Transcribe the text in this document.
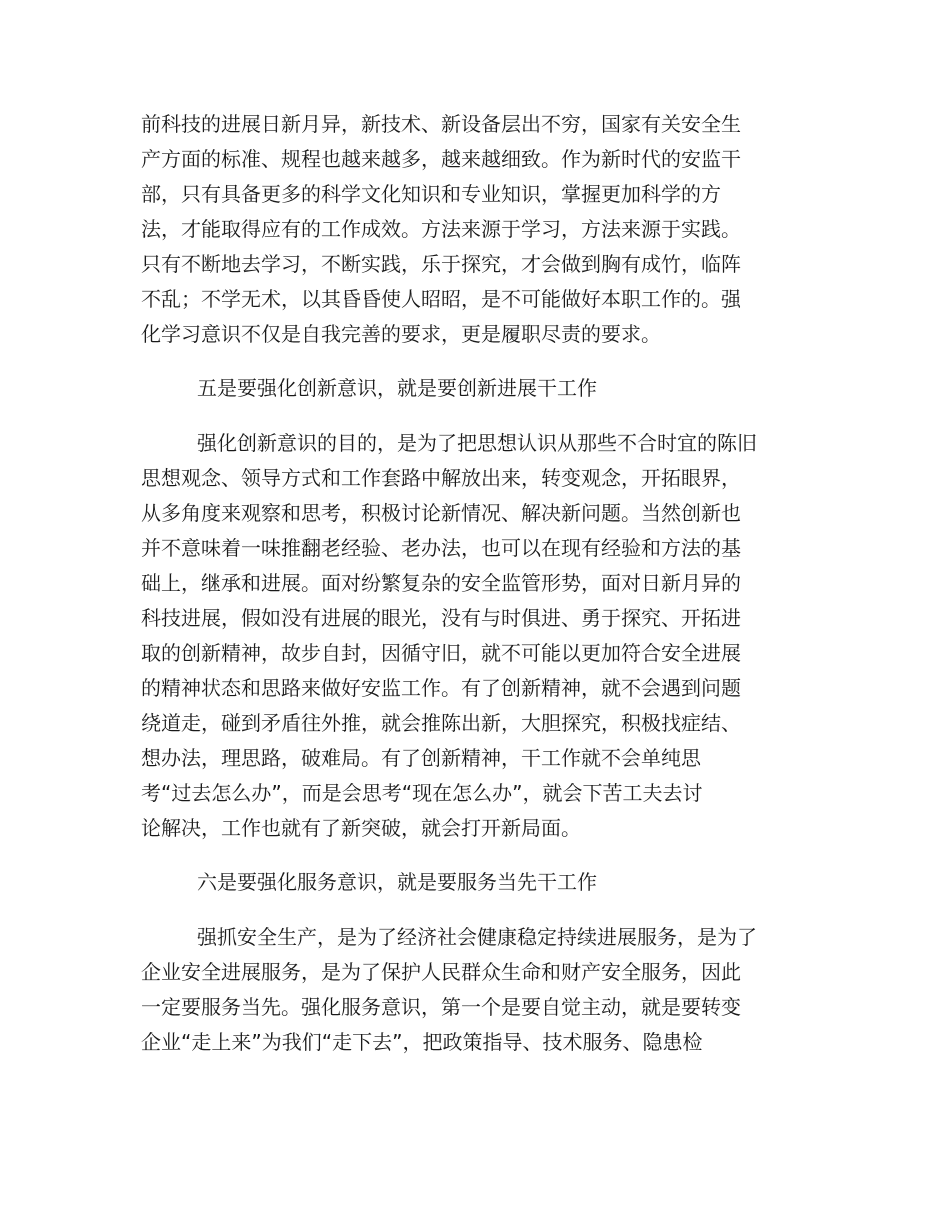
前科技的进展日新月异，新技术、新设备层出不穷，国家有关安全生
产方面的标准、规程也越来越多，越来越细致。作为新时代的安监干
部，只有具备更多的科学文化知识和专业知识，掌握更加科学的方
法，才能取得应有的工作成效。方法来源于学习，方法来源于实践。
只有不断地去学习，不断实践，乐于探究，才会做到胸有成竹，临阵
不乱；不学无术，以其昏昏使人昭昭，是不可能做好本职工作的。强
化学习意识不仅是自我完善的要求，更是履职尽责的要求。
五是要强化创新意识，就是要创新进展干工作
强化创新意识的目的，是为了把思想认识从那些不合时宜的陈旧
思想观念、领导方式和工作套路中解放出来，转变观念，开拓眼界，
从多角度来观察和思考，积极讨论新情况、解决新问题。当然创新也
并不意味着一味推翻老经验、老办法，也可以在现有经验和方法的基
础上，继承和进展。面对纷繁复杂的安全监管形势，面对日新月异的
科技进展，假如没有进展的眼光，没有与时俱进、勇于探究、开拓进
取的创新精神，故步自封，因循守旧，就不可能以更加符合安全进展
的精神状态和思路来做好安监工作。有了创新精神，就不会遇到问题
绕道走，碰到矛盾往外推，就会推陈出新，大胆探究，积极找症结、
想办法，理思路，破难局。有了创新精神，干工作就不会单纯思
考“过去怎么办”，而是会思考“现在怎么办”，就会下苦工夫去讨
论解决，工作也就有了新突破，就会打开新局面。
六是要强化服务意识，就是要服务当先干工作
强抓安全生产，是为了经济社会健康稳定持续进展服务，是为了
企业安全进展服务，是为了保护人民群众生命和财产安全服务，因此
一定要服务当先。强化服务意识，第一个是要自觉主动，就是要转变
企业“走上来”为我们“走下去”，把政策指导、技术服务、隐患检
